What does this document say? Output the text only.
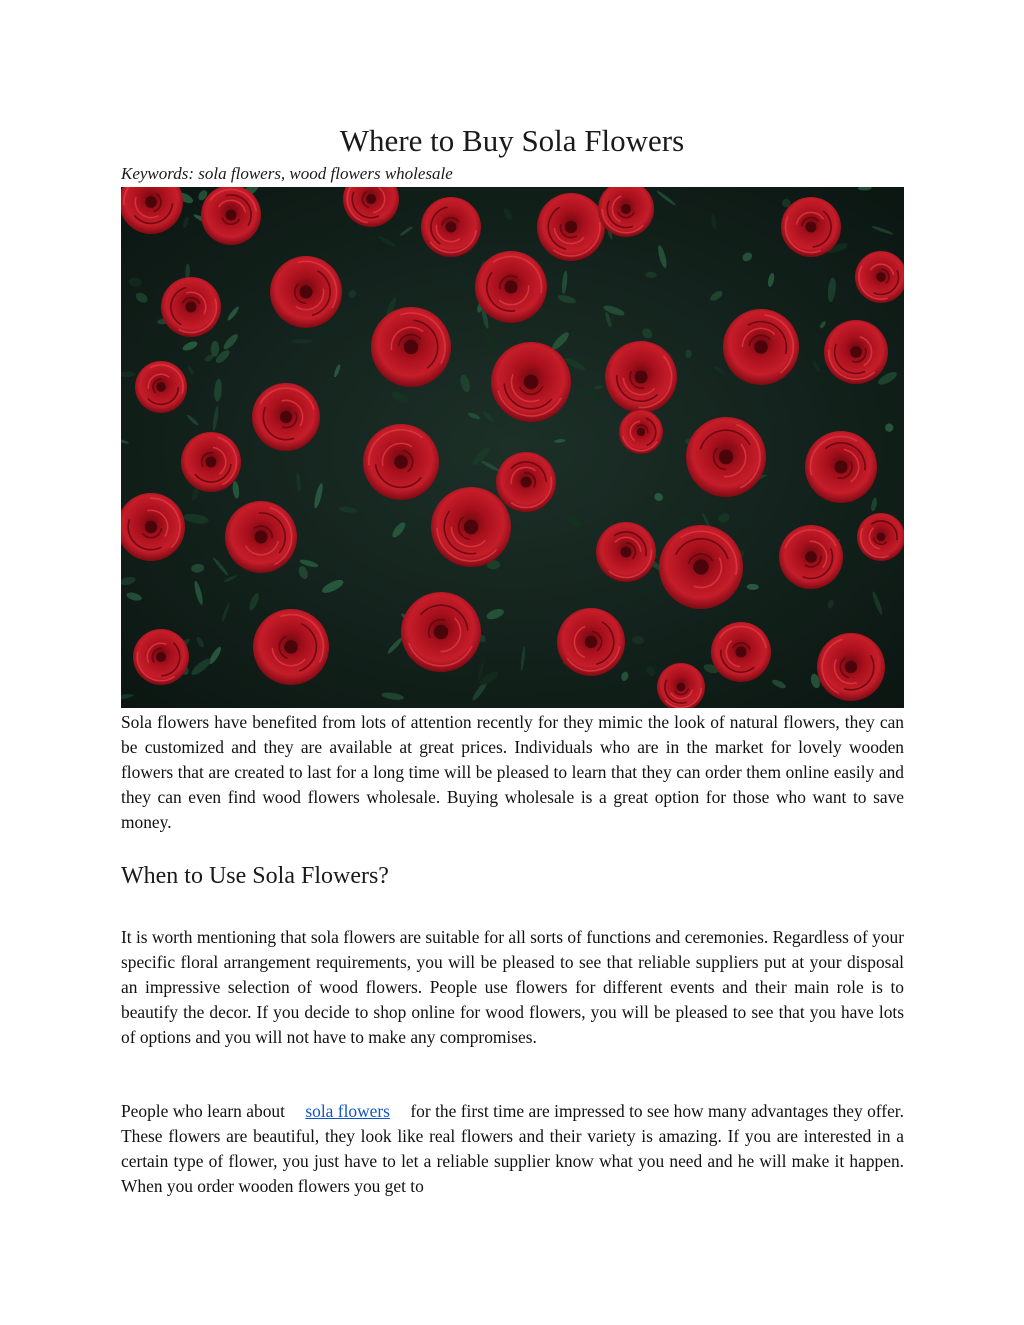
Where to Buy Sola Flowers
Keywords: sola flowers, wood flowers wholesale

Sola flowers have benefited from lots of attention recently for they mimic the look of natural flowers, they can be customized and they are available at great prices. Individuals who are in the market for lovely wooden flowers that are created to last for a long time will be pleased to learn that they can order them online easily and they can even find wood flowers wholesale. Buying wholesale is a great option for those who want to save money.

When to Use Sola Flowers?

It is worth mentioning that sola flowers are suitable for all sorts of functions and ceremonies. Regardless of your specific floral arrangement requirements, you will be pleased to see that reliable suppliers put at your disposal an impressive selection of wood flowers. People use flowers for different events and their main role is to beautify the decor. If you decide to shop online for wood flowers, you will be pleased to see that you have lots of options and you will not have to make any compromises.

People who learn about sola flowers for the first time are impressed to see how many advantages they offer. These flowers are beautiful, they look like real flowers and their variety is amazing. If you are interested in a certain type of flower, you just have to let a reliable supplier know what you need and he will make it happen. When you order wooden flowers you get to
